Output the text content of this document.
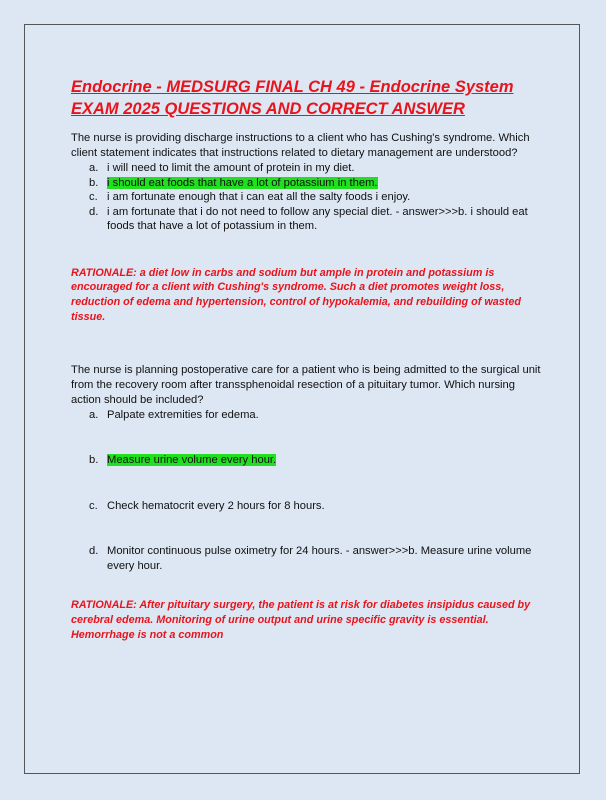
Endocrine - MEDSURG FINAL CH 49 - Endocrine System EXAM 2025 QUESTIONS AND CORRECT ANSWER

The nurse is providing discharge instructions to a client who has Cushing's syndrome. Which client statement indicates that instructions related to dietary management are understood?

a. i will need to limit the amount of protein in my diet.
b. i should eat foods that have a lot of potassium in them.
c. i am fortunate enough that i can eat all the salty foods i enjoy.
d. i am fortunate that i do not need to follow any special diet. - answer>>>b. i should eat foods that have a lot of potassium in them.

RATIONALE: a diet low in carbs and sodium but ample in protein and potassium is encouraged for a client with Cushing's syndrome. Such a diet promotes weight loss, reduction of edema and hypertension, control of hypokalemia, and rebuilding of wasted tissue.

The nurse is planning postoperative care for a patient who is being admitted to the surgical unit from the recovery room after transsphenoidal resection of a pituitary tumor. Which nursing action should be included?

a. Palpate extremities for edema.
b. Measure urine volume every hour.
c. Check hematocrit every 2 hours for 8 hours.
d. Monitor continuous pulse oximetry for 24 hours. - answer>>>b. Measure urine volume every hour.

RATIONALE: After pituitary surgery, the patient is at risk for diabetes insipidus caused by cerebral edema. Monitoring of urine output and urine specific gravity is essential. Hemorrhage is not a common
